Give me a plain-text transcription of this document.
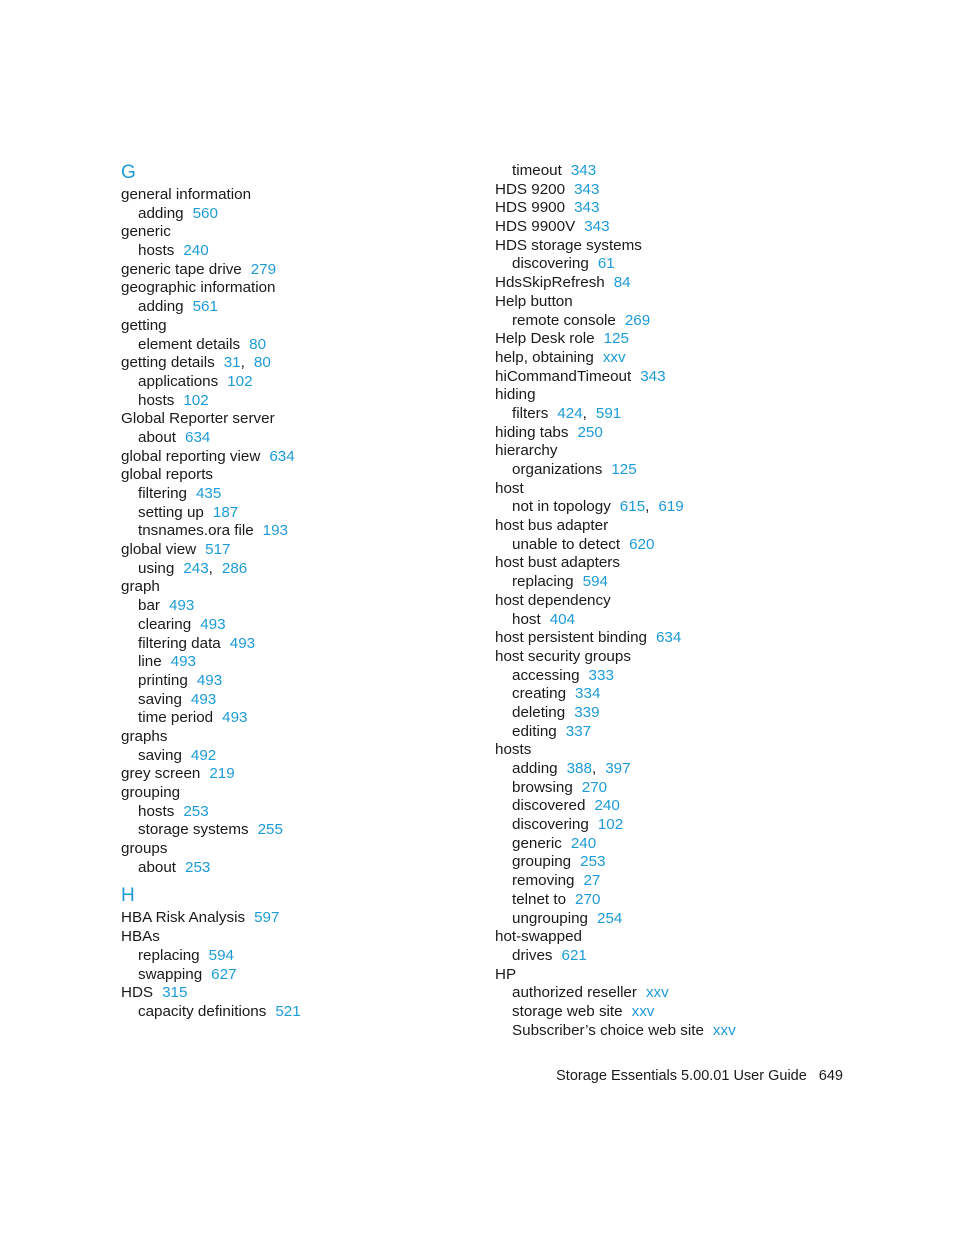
G
general information
adding 560
generic
hosts 240
generic tape drive 279
geographic information
adding 561
getting
element details 80
getting details 31, 80
applications 102
hosts 102
Global Reporter server
about 634
global reporting view 634
global reports
filtering 435
setting up 187
tnsnames.ora file 193
global view 517
using 243, 286
graph
bar 493
clearing 493
filtering data 493
line 493
printing 493
saving 493
time period 493
graphs
saving 492
grey screen 219
grouping
hosts 253
storage systems 255
groups
about 253
H
HBA Risk Analysis 597
HBAs
replacing 594
swapping 627
HDS 315
capacity definitions 521
timeout 343
HDS 9200 343
HDS 9900 343
HDS 9900V 343
HDS storage systems
discovering 61
HdsSkipRefresh 84
Help button
remote console 269
Help Desk role 125
help, obtaining xxv
hiCommandTimeout 343
hiding
filters 424, 591
hiding tabs 250
hierarchy
organizations 125
host
not in topology 615, 619
host bus adapter
unable to detect 620
host bust adapters
replacing 594
host dependency
host 404
host persistent binding 634
host security groups
accessing 333
creating 334
deleting 339
editing 337
hosts
adding 388, 397
browsing 270
discovered 240
discovering 102
generic 240
grouping 253
removing 27
telnet to 270
ungrouping 254
hot-swapped
drives 621
HP
authorized reseller xxv
storage web site xxv
Subscriber’s choice web site xxv
Storage Essentials 5.00.01 User Guide 649
